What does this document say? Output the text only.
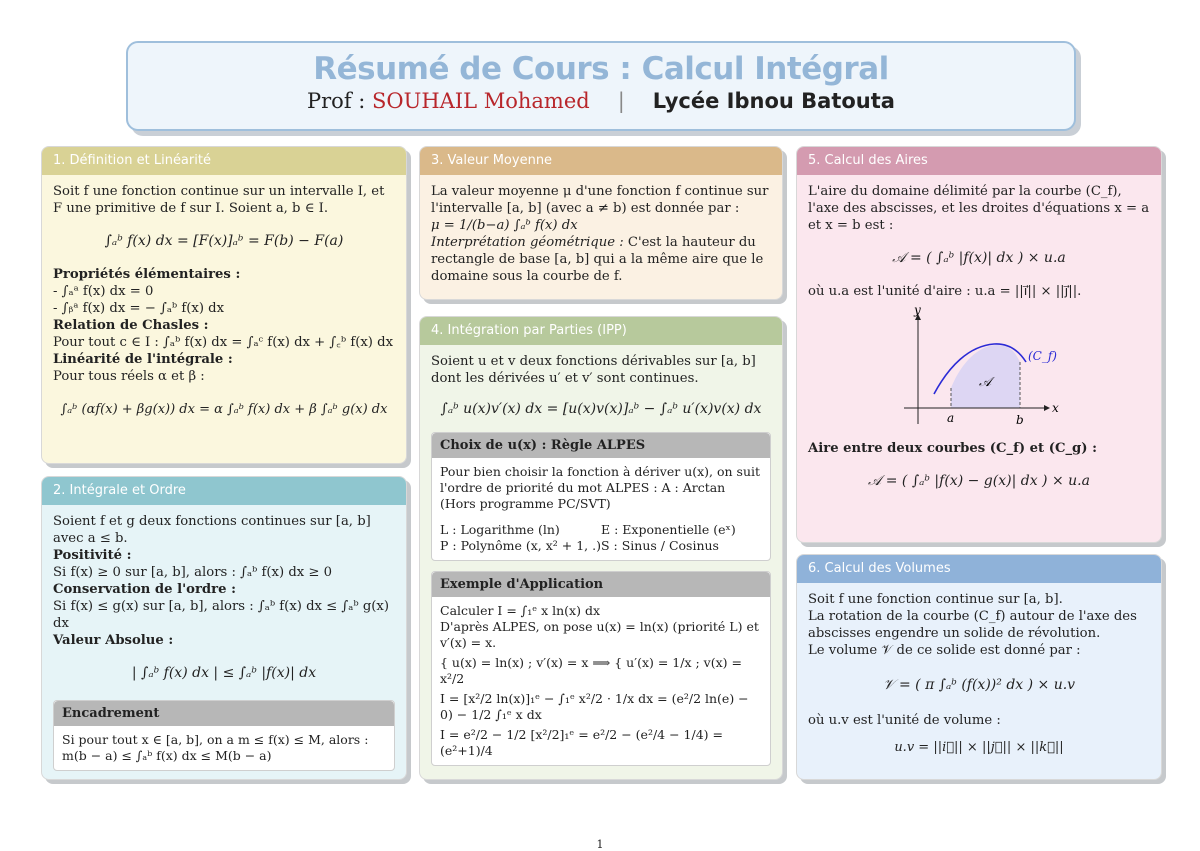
Résumé de Cours : Calcul Intégral
Prof : SOUHAIL Mohamed | Lycée Ibnou Batouta
1. Définition et Linéarité

Soit f une fonction continue sur un intervalle I, et F une primitive de f sur I. Soient a, b ∈ I.

∫ₐᵇ f(x) dx = [F(x)]ₐᵇ = F(b) − F(a)

Propriétés élémentaires :

- ∫ₐᵃ f(x) dx = 0

- ∫ᵦᵃ f(x) dx = − ∫ₐᵇ f(x) dx

Relation de Chasles :

Pour tout c ∈ I : ∫ₐᵇ f(x) dx = ∫ₐᶜ f(x) dx + ∫꜀ᵇ f(x) dx

Linéarité de l'intégrale :

Pour tous réels α et β :

∫ₐᵇ (αf(x) + βg(x)) dx = α ∫ₐᵇ f(x) dx + β ∫ₐᵇ g(x) dx

2. Intégrale et Ordre

Soient f et g deux fonctions continues sur [a, b] avec a ≤ b.

Positivité :

Si f(x) ≥ 0 sur [a, b], alors : ∫ₐᵇ f(x) dx ≥ 0

Conservation de l'ordre :

Si f(x) ≤ g(x) sur [a, b], alors : ∫ₐᵇ f(x) dx ≤ ∫ₐᵇ g(x) dx

Valeur Absolue :

| ∫ₐᵇ f(x) dx | ≤ ∫ₐᵇ |f(x)| dx

Encadrement
Si pour tout x ∈ [a, b], on a m ≤ f(x) ≤ M, alors : m(b − a) ≤ ∫ₐᵇ f(x) dx ≤ M(b − a)
3. Valeur Moyenne

La valeur moyenne μ d'une fonction f continue sur l'intervalle [a, b] (avec a ≠ b) est donnée par :

μ = 1/(b−a) ∫ₐᵇ f(x) dx

Interprétation géométrique : C'est la hauteur du rectangle de base [a, b] qui a la même aire que le domaine sous la courbe de f.

4. Intégration par Parties (IPP)

Soient u et v deux fonctions dérivables sur [a, b] dont les dérivées u′ et v′ sont continues.

∫ₐᵇ u(x)v′(x) dx = [u(x)v(x)]ₐᵇ − ∫ₐᵇ u′(x)v(x) dx

Choix de u(x) : Règle ALPES

Pour bien choisir la fonction à dériver u(x), on suit l'ordre de priorité du mot ALPES : A : Arctan (Hors programme PC/SVT)

L : Logarithme (ln)	E : Exponentielle (eˣ)
P : Polynôme (x, x² + 1, .) S : Sinus / Cosinus
Exemple d'Application

Calculer I = ∫₁ᵉ x ln(x) dx

D'après ALPES, on pose u(x) = ln(x) (priorité L) et v′(x) = x.

{ u(x) = ln(x) ; v′(x) = x ⟹ { u′(x) = 1/x ; v(x) = x²/2

I = [x²/2 ln(x)]₁ᵉ − ∫₁ᵉ x²/2 · 1/x dx = (e²/2 ln(e) − 0) − 1/2 ∫₁ᵉ x dx

I = e²/2 − 1/2 [x²/2]₁ᵉ = e²/2 − (e²/4 − 1/4) = (e²+1)/4

5. Calcul des Aires

L'aire du domaine délimité par la courbe (C_f), l'axe des abscisses, et les droites d'équations x = a et x = b est :

𝒜 = ( ∫ₐᵇ |f(x)| dx ) × u.a

où u.a est l'unité d'aire : u.a = ||i⃗|| × ||j⃗||.

y
x
(C_f)
𝒜
a	b

Aire entre deux courbes (C_f) et (C_g) :

𝒜 = ( ∫ₐᵇ |f(x) − g(x)| dx ) × u.a

6. Calcul des Volumes

Soit f une fonction continue sur [a, b].

La rotation de la courbe (C_f) autour de l'axe des abscisses engendre un solide de révolution.

Le volume 𝒱 de ce solide est donné par :

𝒱 = ( π ∫ₐᵇ (f(x))² dx ) × u.v

où u.v est l'unité de volume :

u.v = ||i⃗|| × ||j⃗|| × ||k⃗||

1
